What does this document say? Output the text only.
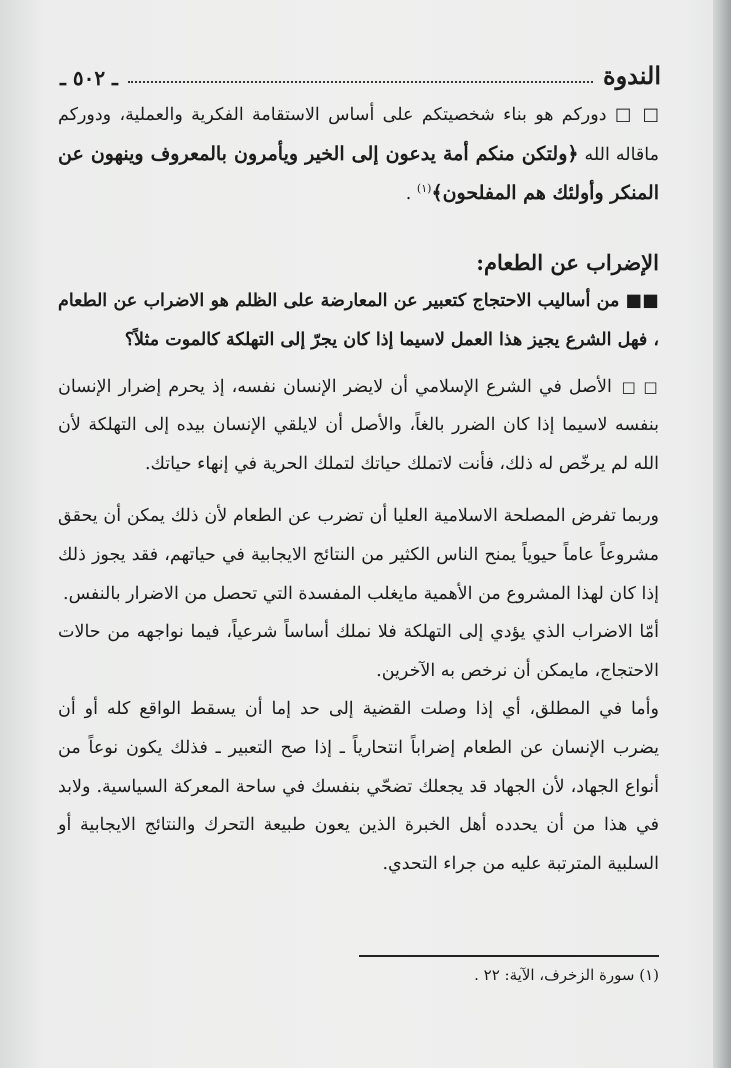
الندوة
ـ ٥٠٢ ـ

□ □ دوركم هو بناء شخصيتكم على أساس الاستقامة الفكرية والعملية، ودوركم ماقاله الله ﴿ولتكن منكم أمة يدعون إلى الخير ويأمرون بالمعروف وينهون عن المنكر وأولئك هم المفلحون﴾$^{(١)}$ .

الإضراب عن الطعام:

■■ من أساليب الاحتجاج كتعبير عن المعارضة على الظلم هو الاضراب عن الطعام ، فهل الشرع يجيز هذا العمل لاسيما إذا كان يجرّ إلى التهلكة كالموت مثلاً؟

□ □ الأصل في الشرع الإسلامي أن لايضر الإنسان نفسه، إذ يحرم إضرار الإنسان بنفسه لاسيما إذا كان الضرر بالغاً، والأصل أن لايلقي الإنسان بيده إلى التهلكة لأن الله لم يرخّص له ذلك، فأنت لاتملك حياتك لتملك الحرية في إنهاء حياتك.

وربما تفرض المصلحة الاسلامية العليا أن تضرب عن الطعام لأن ذلك يمكن أن يحقق مشروعاً عاماً حيوياً يمنح الناس الكثير من النتائج الايجابية في حياتهم، فقد يجوز ذلك إذا كان لهذا المشروع من الأهمية مايغلب المفسدة التي تحصل من الاضرار بالنفس.

أمّا الاضراب الذي يؤدي إلى التهلكة فلا نملك أساساً شرعياً، فيما نواجهه من حالات الاحتجاج، مايمكن أن نرخص به الآخرين.

وأما في المطلق، أي إذا وصلت القضية إلى حد إما أن يسقط الواقع كله أو أن يضرب الإنسان عن الطعام إضراباً انتحارياً ـ إذا صح التعبير ـ فذلك يكون نوعاً من أنواع الجهاد، لأن الجهاد قد يجعلك تضحّي بنفسك في ساحة المعركة السياسية. ولابد في هذا من أن يحدده أهل الخبرة الذين يعون طبيعة التحرك والنتائج الايجابية أو السلبية المترتبة عليه من جراء التحدي.

(١) سورة الزخرف، الآية: ٢٢ .
